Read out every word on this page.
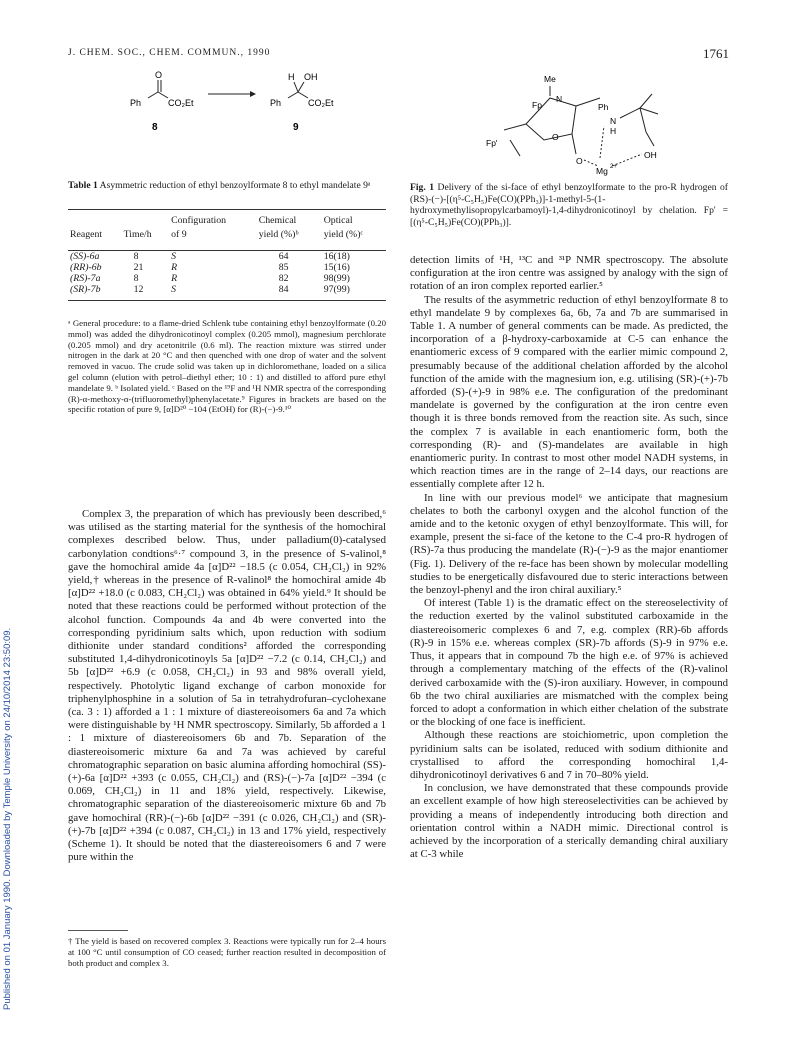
J. CHEM. SOC., CHEM. COMMUN., 1990	1761
Published on 01 January 1990. Downloaded by Temple University on 24/10/2014 23:50:09.
O
Ph	CO₂Et
8
H OH
Ph	CO₂Et
9
Table 1 Asymmetric reduction of ethyl benzoylformate 8 to ethyl mandelate 9ᵃ
		Configuration	Chemical	Optical
Reagent	Time/h	of 9	yield (%)ᵇ	yield (%)ᶜ

(SS)-6a	8	S	64	16(18)
(RR)-6b	21	R	85	15(16)
(RS)-7a	8	R	82	98(99)
(SR)-7b	12	S	84	97(99)

ᵃ General procedure: to a flame-dried Schlenk tube containing ethyl benzoylformate (0.20 mmol) was added the dihydronicotinoyl complex (0.205 mmol), magnesium perchlorate (0.205 mmol) and dry acetonitrile (0.6 ml). The reaction mixture was stirred under nitrogen in the dark at 20 °C and then quenched with one drop of water and the solvent removed in vacuo. The crude solid was taken up in dichloromethane, loaded on a silica gel column (elution with petrol–diethyl ether; 10 : 1) and distilled to afford pure ethyl mandelate 9. ᵇ Isolated yield. ᶜ Based on the ¹⁹F and ¹H NMR spectra of the corresponding (R)-α-methoxy-α-(trifluoromethyl)phenylacetate.⁹ Figures in brackets are based on the specific rotation of pure 9, [α]D²⁰ −104 (EtOH) for (R)-(−)-9.¹⁰
Me
Fp
N
Ph
N
H
OH
Fp'
O
O
Mg 2+
Fig. 1 Delivery of the si-face of ethyl benzoylformate to the pro-R hydrogen of (RS)-(−)-[(η⁵-C₅H₅)Fe(CO)(PPh₃)]-1-methyl-5-(1-hydroxymethylisopropylcarbamoyl)-1,4-dihydronicotinoyl by chelation. Fp' = [(η⁵-C₅H₅)Fe(CO)(PPh₃)].

Complex 3, the preparation of which has previously been described,⁶ was utilised as the starting material for the synthesis of the homochiral complexes described below. Thus, under palladium(0)-catalysed carbonylation condtions⁶·⁷ compound 3, in the presence of S-valinol,⁸ gave the homochiral amide 4a [α]D²² −18.5 (c 0.054, CH₂Cl₂) in 92% yield,† whereas in the presence of R-valinol⁸ the homochiral amide 4b [α]D²² +18.0 (c 0.083, CH₂Cl₂) was obtained in 64% yield.⁹ It should be noted that these reactions could be performed without protection of the alcohol function. Compounds 4a and 4b were converted into the corresponding pyridinium salts which, upon reduction with sodium dithionite under standard conditions² afforded the corresponding substituted 1,4-dihydronicotinoyls 5a [α]D²² −7.2 (c 0.14, CH₂Cl₂) and 5b [α]D²² +6.9 (c 0.058, CH₂Cl₂) in 93 and 98% overall yield, respectively. Photolytic ligand exchange of carbon monoxide for triphenylphosphine in a solution of 5a in tetrahydrofuran–cyclohexane (ca. 3 : 1) afforded a 1 : 1 mixture of diastereoisomers 6a and 7a which were distinguishable by ¹H NMR spectroscopy. Similarly, 5b afforded a 1 : 1 mixture of diastereoisomers 6b and 7b. Separation of the diastereoisomeric mixture 6a and 7a was achieved by careful chromatographic separation on basic alumina affording homochiral (SS)-(+)-6a [α]D²² +393 (c 0.055, CH₂Cl₂) and (RS)-(−)-7a [α]D²² −394 (c 0.069, CH₂Cl₂) in 11 and 18% yield, respectively. Likewise, chromatographic separation of the diastereoisomeric mixture 6b and 7b gave homochiral (RR)-(−)-6b [α]D²² −391 (c 0.026, CH₂Cl₂) and (SR)-(+)-7b [α]D²² +394 (c 0.087, CH₂Cl₂) in 13 and 17% yield, respectively (Scheme 1). It should be noted that the diastereoisomers 6 and 7 were pure within the

† The yield is based on recovered complex 3. Reactions were typically run for 2–4 hours at 100 °C until consumption of CO ceased; further reaction resulted in decomposition of both product and complex 3.

detection limits of ¹H, ¹³C and ³¹P NMR spectroscopy. The absolute configuration at the iron centre was assigned by analogy with the sign of rotation of an iron complex reported earlier.⁵

The results of the asymmetric reduction of ethyl benzoylformate 8 to ethyl mandelate 9 by complexes 6a, 6b, 7a and 7b are summarised in Table 1. A number of general comments can be made. As predicted, the incorporation of a β-hydroxy-carboxamide at C-5 can enhance the enantiomeric excess of 9 compared with the earlier mimic compound 2, presumably because of the additional chelation afforded by the alcohol function of the amide with the magnesium ion, e.g. utilising (SR)-(+)-7b afforded (S)-(+)-9 in 98% e.e. The configuration of the predominant mandelate is governed by the configuration at the iron centre even though it is three bonds removed from the reaction site. As such, since the complex 7 is available in each enantiomeric form, both the corresponding (R)- and (S)-mandelates are available in high enantiomeric purity. In contrast to most other model NADH systems, in which reaction times are in the range of 2–14 days, our reactions are essentially complete after 12 h.

In line with our previous model⁶ we anticipate that magnesium chelates to both the carbonyl oxygen and the alcohol function of the amide and to the ketonic oxygen of ethyl benzoylformate. This will, for example, present the si-face of the ketone to the C-4 pro-R hydrogen of (RS)-7a thus producing the mandelate (R)-(−)-9 as the major enantiomer (Fig. 1). Delivery of the re-face has been shown by molecular modelling studies to be energetically disfavoured due to steric interactions between the benzoyl-phenyl and the iron chiral auxiliary.⁵

Of interest (Table 1) is the dramatic effect on the stereoselectivity of the reduction exerted by the valinol substituted carboxamide in the diastereoisomeric complexes 6 and 7, e.g. complex (RR)-6b affords (R)-9 in 15% e.e. whereas complex (SR)-7b affords (S)-9 in 97% e.e. Thus, it appears that in compound 7b the high e.e. of 97% is achieved through a complementary matching of the effects of the (R)-valinol derived carboxamide with the (S)-iron auxiliary. However, in compound 6b the two chiral auxiliaries are mismatched with the complex being forced to adopt a conformation in which either chelation of the substrate or the blocking of one face is inefficient.

Although these reactions are stoichiometric, upon completion the pyridinium salts can be isolated, reduced with sodium dithionite and crystallised to afford the corresponding homochiral 1,4-dihydronicotinoyl derivatives 6 and 7 in 70–80% yield.

In conclusion, we have demonstrated that these compounds provide an excellent example of how high stereoselectivities can be achieved by providing a means of independently introducing both direction and orientation control within a NADH mimic. Directional control is achieved by the incorporation of a sterically demanding chiral auxiliary at C-3 while
